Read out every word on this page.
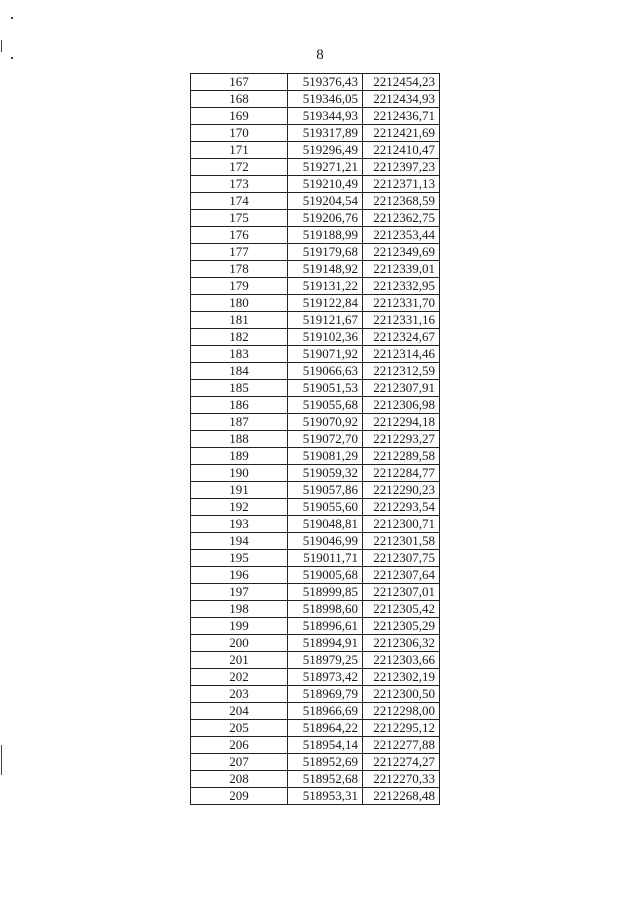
8
167	519376,43	2212454,23
168	519346,05	2212434,93
169	519344,93	2212436,71
170	519317,89	2212421,69
171	519296,49	2212410,47
172	519271,21	2212397,23
173	519210,49	2212371,13
174	519204,54	2212368,59
175	519206,76	2212362,75
176	519188,99	2212353,44
177	519179,68	2212349,69
178	519148,92	2212339,01
179	519131,22	2212332,95
180	519122,84	2212331,70
181	519121,67	2212331,16
182	519102,36	2212324,67
183	519071,92	2212314,46
184	519066,63	2212312,59
185	519051,53	2212307,91
186	519055,68	2212306,98
187	519070,92	2212294,18
188	519072,70	2212293,27
189	519081,29	2212289,58
190	519059,32	2212284,77
191	519057,86	2212290,23
192	519055,60	2212293,54
193	519048,81	2212300,71
194	519046,99	2212301,58
195	519011,71	2212307,75
196	519005,68	2212307,64
197	518999,85	2212307,01
198	518998,60	2212305,42
199	518996,61	2212305,29
200	518994,91	2212306,32
201	518979,25	2212303,66
202	518973,42	2212302,19
203	518969,79	2212300,50
204	518966,69	2212298,00
205	518964,22	2212295,12
206	518954,14	2212277,88
207	518952,69	2212274,27
208	518952,68	2212270,33
209	518953,31	2212268,48
